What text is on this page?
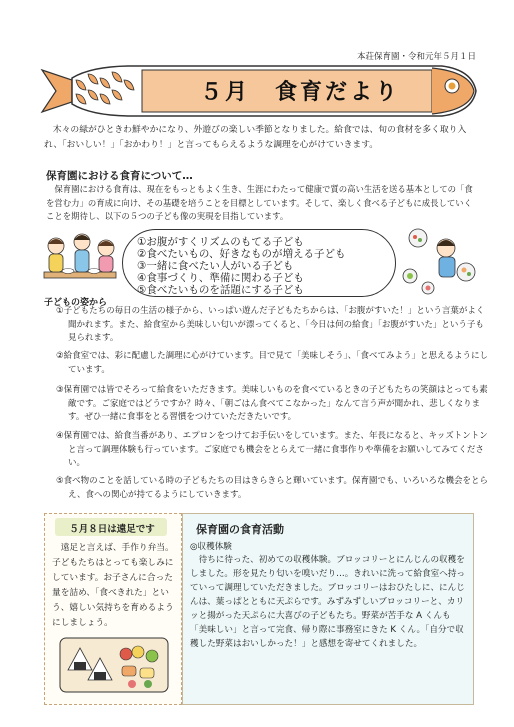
本荘保育園・令和元年５月１日
５月　食育だより
木々の緑がひときわ鮮やかになり、外遊びの楽しい季節となりました。給食では、旬の食材を多く取り入れ、「おいしい！」「おかわり！」と言ってもらえるような調理を心がけていきます。
保育園における食育について…
保育園における食育は、現在をもっともよく生き、生涯にわたって健康で質の高い生活を送る基本としての「食を営む力」の育成に向け、その基礎を培うことを目標としています。そして、楽しく食べる子どもに成長していくことを期待し、以下の５つの子ども像の実現を目指しています。
①お腹がすくリズムのもてる子ども
②食べたいもの、好きなものが増える子ども
③一緒に食べたい人がいる子ども
④食事づくり、準備に関わる子ども
⑤食べたいものを話題にする子ども
子どもの姿から
①子どもたちの毎日の生活の様子から、いっぱい遊んだ子どもたちからは、「お腹がすいた！」という言葉がよく聞かれます。また、給食室から美味しい匂いが漂ってくると、「今日は何の給食」「お腹がすいた」という子も見られます。
②給食室では、彩に配慮した調理に心がけています。目で見て「美味しそう」、「食べてみよう」と思えるようにしています。
③保育園では皆でそろって給食をいただきます。美味しいものを食べているときの子どもたちの笑顔はとっても素敵です。ご家庭ではどうですか？時々、「朝ごはん食べてこなかった」なんて言う声が聞かれ、悲しくなります。ぜひ一緒に食事をとる習慣をつけていただきたいです。
④保育園では、給食当番があり、エプロンをつけてお手伝いをしています。また、年長になると、キッズトントンと言って調理体験も行っています。ご家庭でも機会をとらえて一緒に食事作りや準備をお願いしてみてください。
⑤食べ物のことを話している時の子どもたちの目はきらきらと輝いています。保育園でも、いろいろな機会をとらえ、食への関心が持てるようにしていきます。
５月８日は遠足です
遠足と言えば、手作り弁当。子どもたちはとっても楽しみにしています。お子さんに合った量を詰め、「食べきれた」という、嬉しい気持ちを育めるようにしましょう。
保育園の食育活動
◎収穫体験
待ちに待った、初めての収穫体験。ブロッコリーとにんじんの収穫をしました。形を見たり匂いを嗅いだり…。きれいに洗って給食室へ持っていって調理していただきました。ブロッコリーはおひたしに、にんじんは、葉っぱとともに天ぷらです。みずみずしいブロッコリーと、カリッと揚がった天ぷらに大喜びの子どもたち。野菜が苦手な A くんも「美味しい」と言って完食、帰り際に事務室にきた K くん。「自分で収穫した野菜はおいしかった！」と感想を寄せてくれました。
